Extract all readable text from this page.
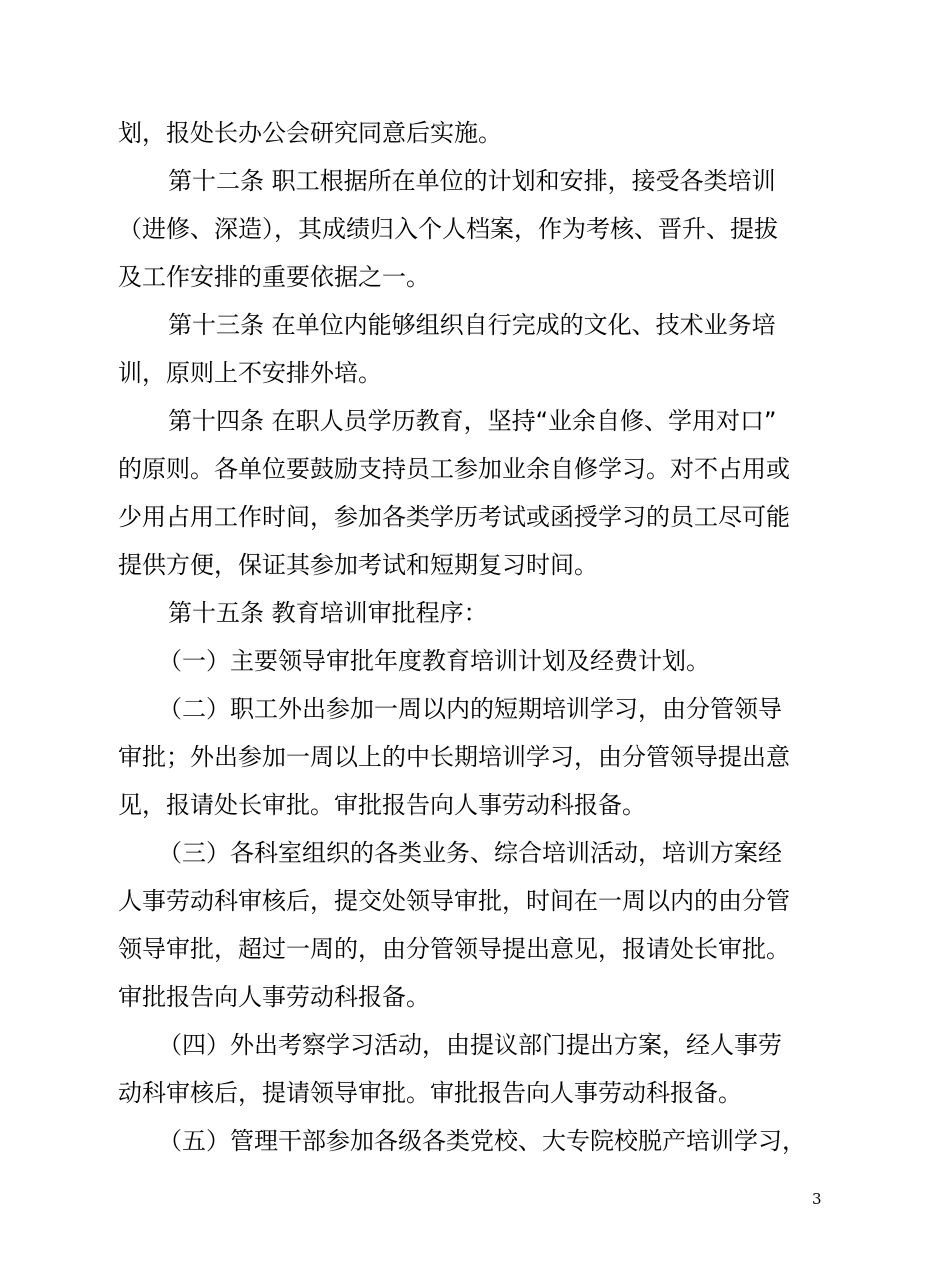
划，报处长办公会研究同意后实施。
第十二条 职工根据所在单位的计划和安排，接受各类培训
（进修、深造），其成绩归入个人档案，作为考核、晋升、提拔
及工作安排的重要依据之一。
第十三条 在单位内能够组织自行完成的文化、技术业务培
训，原则上不安排外培。
第十四条 在职人员学历教育，坚持“业余自修、学用对口”
的原则。各单位要鼓励支持员工参加业余自修学习。对不占用或
少用占用工作时间，参加各类学历考试或函授学习的员工尽可能
提供方便，保证其参加考试和短期复习时间。
第十五条 教育培训审批程序：
（一）主要领导审批年度教育培训计划及经费计划。
（二）职工外出参加一周以内的短期培训学习，由分管领导
审批；外出参加一周以上的中长期培训学习，由分管领导提出意
见，报请处长审批。审批报告向人事劳动科报备。
（三）各科室组织的各类业务、综合培训活动，培训方案经
人事劳动科审核后，提交处领导审批，时间在一周以内的由分管
领导审批，超过一周的，由分管领导提出意见，报请处长审批。
审批报告向人事劳动科报备。
（四）外出考察学习活动，由提议部门提出方案，经人事劳
动科审核后，提请领导审批。审批报告向人事劳动科报备。
（五）管理干部参加各级各类党校、大专院校脱产培训学习，
3
